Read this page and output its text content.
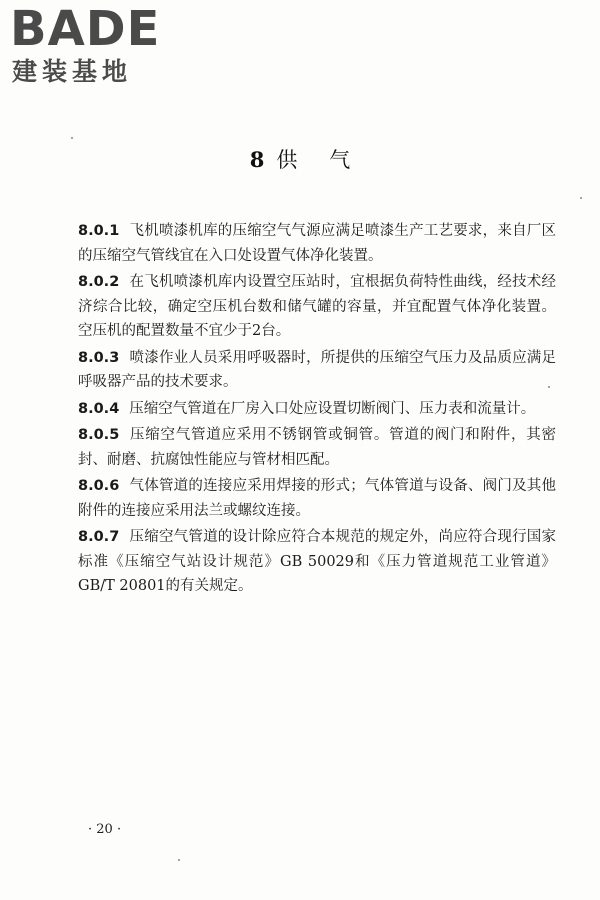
BADE
建装基地
8 供气

8.0.1 飞机喷漆机库的压缩空气气源应满足喷漆生产工艺要求，来自厂区的压缩空气管线宜在入口处设置气体净化装置。

8.0.2 在飞机喷漆机库内设置空压站时，宜根据负荷特性曲线，经技术经济综合比较，确定空压机台数和储气罐的容量，并宜配置气体净化装置。空压机的配置数量不宜少于2台。

8.0.3 喷漆作业人员采用呼吸器时，所提供的压缩空气压力及品质应满足呼吸器产品的技术要求。

8.0.4 压缩空气管道在厂房入口处应设置切断阀门、压力表和流量计。

8.0.5 压缩空气管道应采用不锈钢管或铜管。管道的阀门和附件，其密封、耐磨、抗腐蚀性能应与管材相匹配。

8.0.6 气体管道的连接应采用焊接的形式；气体管道与设备、阀门及其他附件的连接应采用法兰或螺纹连接。

8.0.7 压缩空气管道的设计除应符合本规范的规定外，尚应符合现行国家标准《压缩空气站设计规范》GB 50029和《压力管道规范工业管道》GB/T 20801的有关规定。

· 20 ·
